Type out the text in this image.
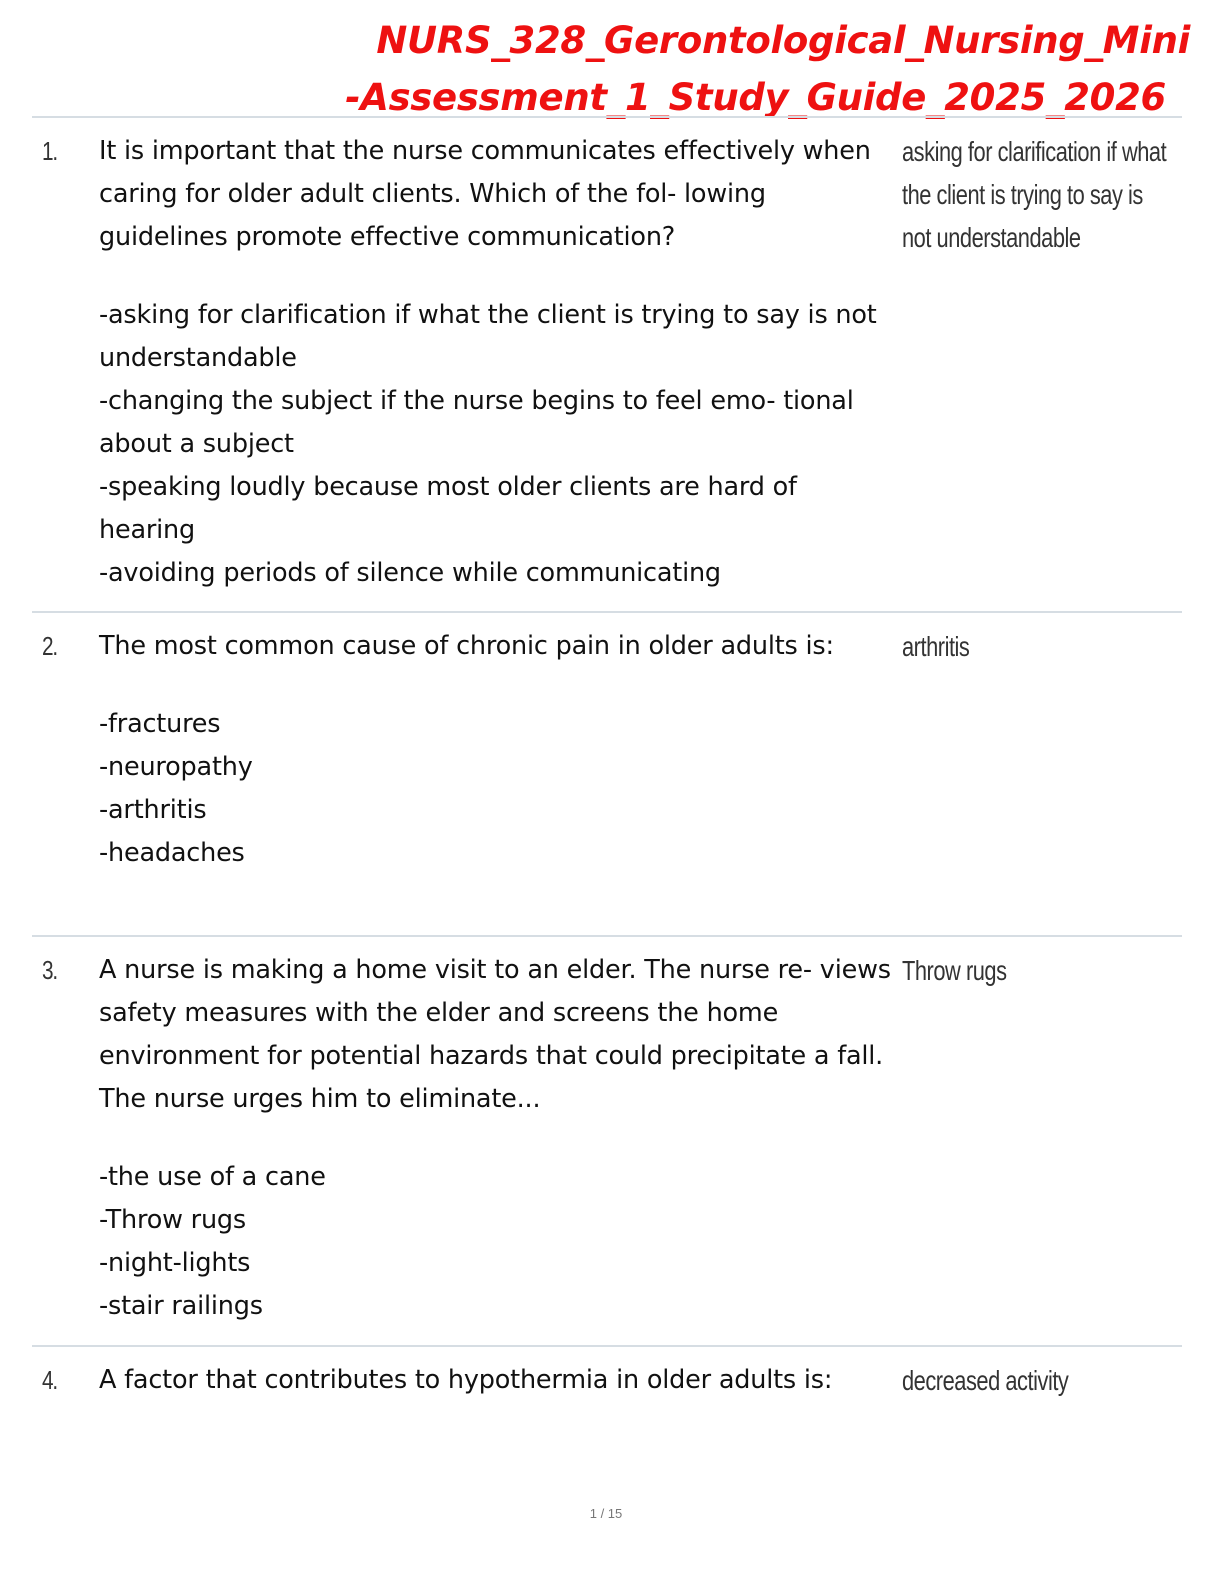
NURS_328_Gerontological_Nursing_Mini
-Assessment_1_Study_Guide_2025_2026
1. It is important that the nurse communicates effectively when caring for older adult clients. Which of the fol- lowing guidelines promote effective communication?
-asking for clarification if what the client is trying to say is not understandable
-changing the subject if the nurse begins to feel emo- tional about a subject
-speaking loudly because most older clients are hard of hearing
-avoiding periods of silence while communicating
asking for clarification if what the client is trying to say is not understandable
2. The most common cause of chronic pain in older adults is:
-fractures
-neuropathy
-arthritis
-headaches
arthritis
3. A nurse is making a home visit to an elder. The nurse re- views safety measures with the elder and screens the home environment for potential hazards that could precipitate a fall. The nurse urges him to eliminate...
-the use of a cane
-Throw rugs
-night-lights
-stair railings
Throw rugs
4. A factor that contributes to hypothermia in older adults is:	decreased activity
1 / 15
